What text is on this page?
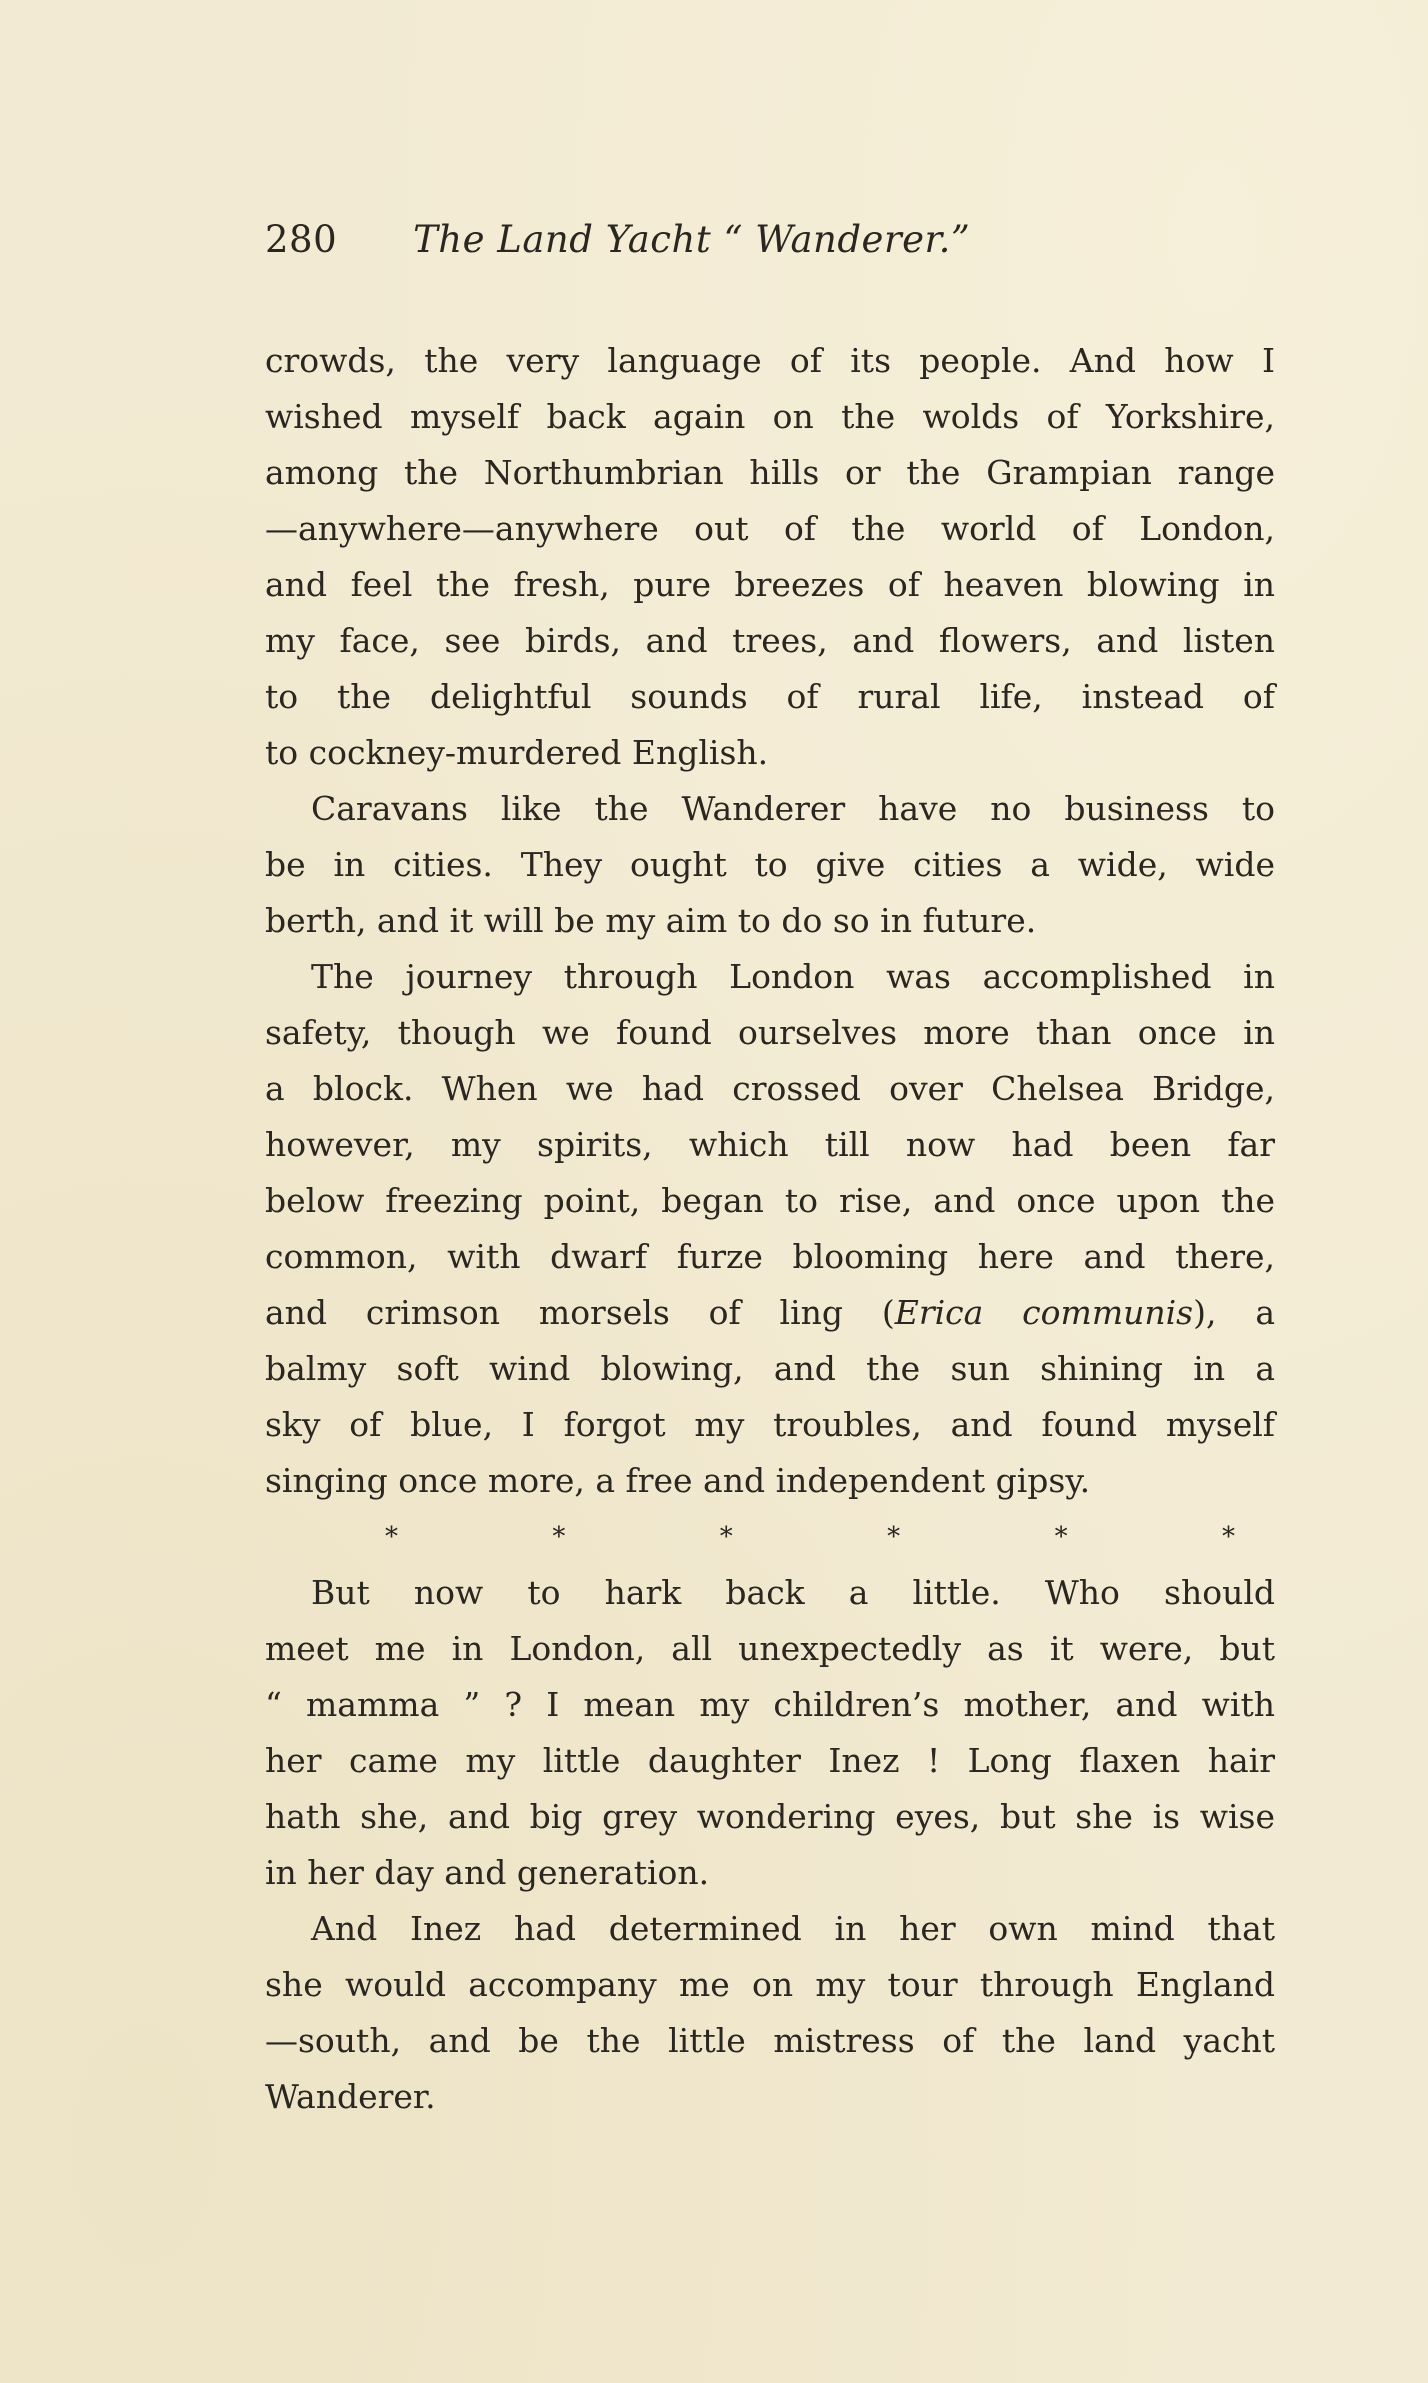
280 The Land Yacht “ Wanderer.”
crowds, the very language of its people. And how I
wished myself back again on the wolds of Yorkshire,
among the Northumbrian hills or the Grampian range
—anywhere—anywhere out of the world of London,
and feel the fresh, pure breezes of heaven blowing in
my face, see birds, and trees, and flowers, and listen
to the delightful sounds of rural life, instead of
to cockney-murdered English.
Caravans like the Wanderer have no business to
be in cities. They ought to give cities a wide, wide
berth, and it will be my aim to do so in future.
The journey through London was accomplished in
safety, though we found ourselves more than once in
a block. When we had crossed over Chelsea Bridge,
however, my spirits, which till now had been far
below freezing point, began to rise, and once upon the
common, with dwarf furze blooming here and there,
and crimson morsels of ling (Erica communis), a
balmy soft wind blowing, and the sun shining in a
sky of blue, I forgot my troubles, and found myself
singing once more, a free and independent gipsy.
*	*	*	*	*	*
But now to hark back a little. Who should
meet me in London, all unexpectedly as it were, but
“ mamma ” ? I mean my children’s mother, and with
her came my little daughter Inez ! Long flaxen hair
hath she, and big grey wondering eyes, but she is wise
in her day and generation.
And Inez had determined in her own mind that
she would accompany me on my tour through England
—south, and be the little mistress of the land yacht
Wanderer.
